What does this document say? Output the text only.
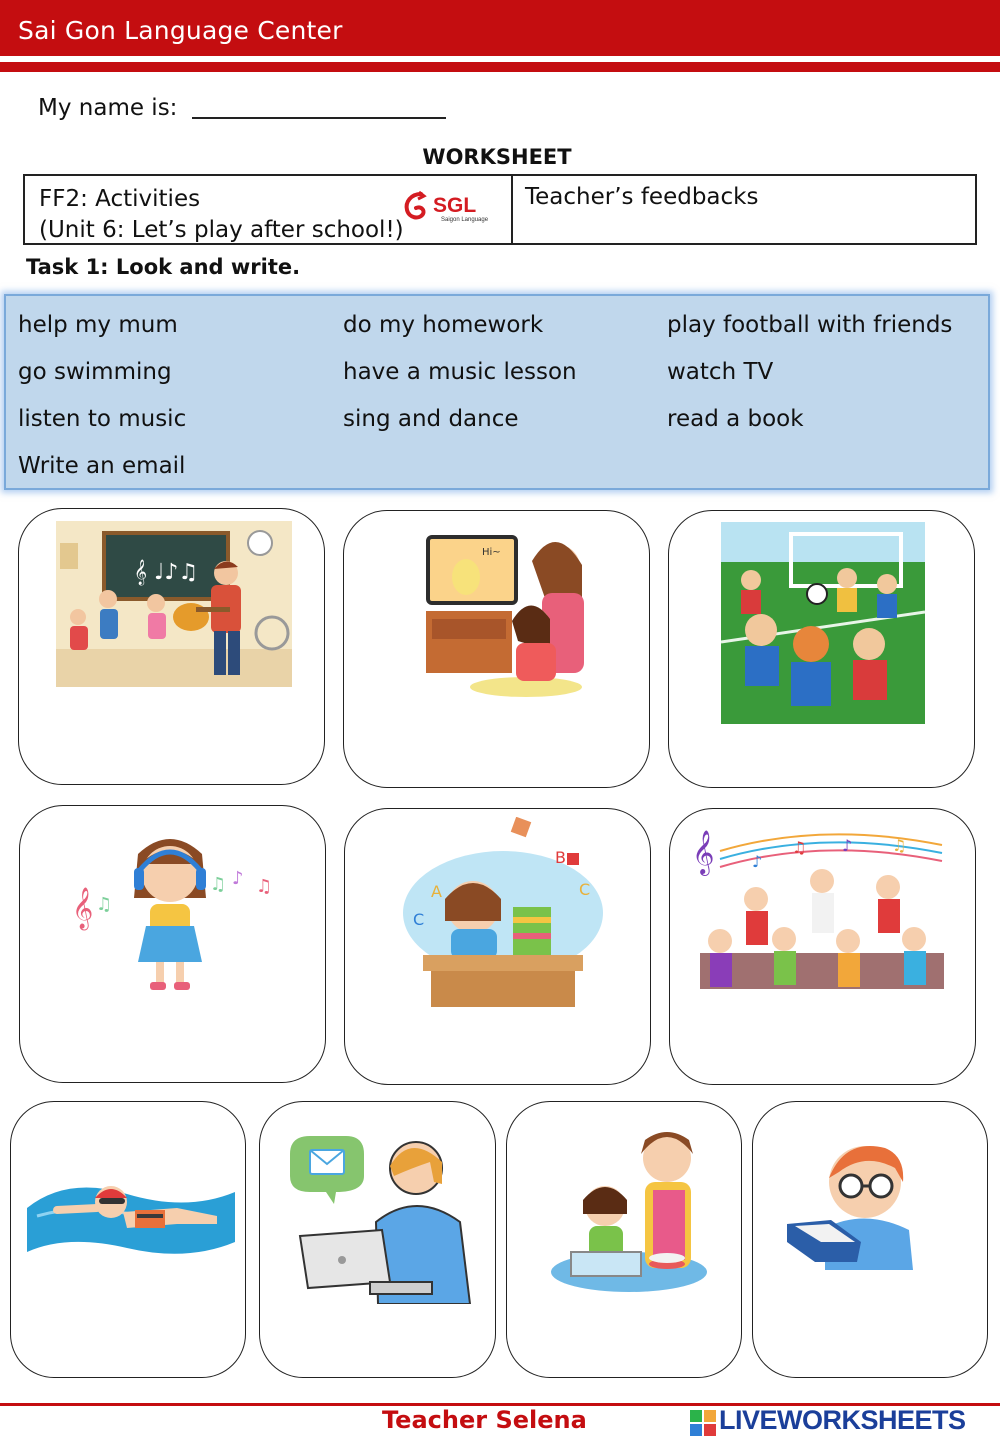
Sai Gon Language Center
My name is:
WORKSHEET
FF2: Activities
(Unit 6: Let’s play after school!)
SGL
Saigon Language
Teacher’s feedbacks
Task 1: Look and write.
help my mum	do my homework	play football with friends
go swimming	have a music lesson	watch TV
listen to music	sing and dance	read a book
Write an email
𝄞 ♩♪♫
Hi~
𝄞 ♫
♫ ♪ ♫
B
C
C
A
𝄞 ♪
♫ ♪ ♫
Teacher Selena	LIVEWORKSHEETS
